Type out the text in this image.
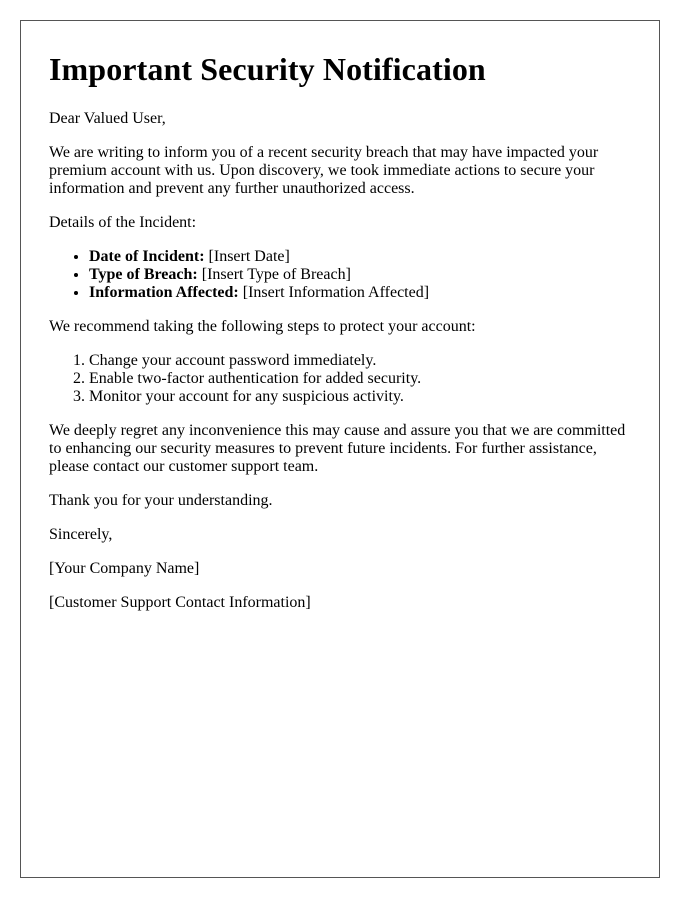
Important Security Notification

Dear Valued User,

We are writing to inform you of a recent security breach that may have impacted your premium account with us. Upon discovery, we took immediate actions to secure your information and prevent any further unauthorized access.

Details of the Incident:

• Date of Incident: [Insert Date]
• Type of Breach: [Insert Type of Breach]
• Information Affected: [Insert Information Affected]

We recommend taking the following steps to protect your account:

1. Change your account password immediately.
2. Enable two-factor authentication for added security.
3. Monitor your account for any suspicious activity.

We deeply regret any inconvenience this may cause and assure you that we are committed to enhancing our security measures to prevent future incidents. For further assistance, please contact our customer support team.

Thank you for your understanding.

Sincerely,

[Your Company Name]

[Customer Support Contact Information]
